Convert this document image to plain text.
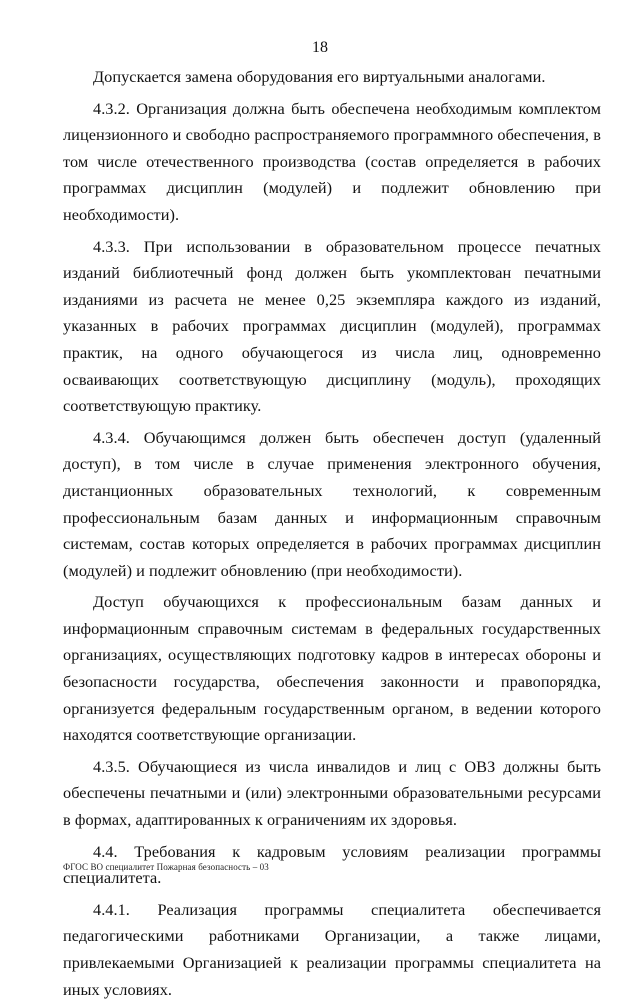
18

Допускается замена оборудования его виртуальными аналогами.

4.3.2. Организация должна быть обеспечена необходимым комплектом лицензионного и свободно распространяемого программного обеспечения, в том числе отечественного производства (состав определяется в рабочих программах дисциплин (модулей) и подлежит обновлению при необходимости).

4.3.3. При использовании в образовательном процессе печатных изданий библиотечный фонд должен быть укомплектован печатными изданиями из расчета не менее 0,25 экземпляра каждого из изданий, указанных в рабочих программах дисциплин (модулей), программах практик, на одного обучающегося из числа лиц, одновременно осваивающих соответствующую дисциплину (модуль), проходящих соответствующую практику.

4.3.4. Обучающимся должен быть обеспечен доступ (удаленный доступ), в том числе в случае применения электронного обучения, дистанционных образовательных технологий, к современным профессиональным базам данных и информационным справочным системам, состав которых определяется в рабочих программах дисциплин (модулей) и подлежит обновлению (при необходимости).

Доступ обучающихся к профессиональным базам данных и информационным справочным системам в федеральных государственных организациях, осуществляющих подготовку кадров в интересах обороны и безопасности государства, обеспечения законности и правопорядка, организуется федеральным государственным органом, в ведении которого находятся соответствующие организации.

4.3.5. Обучающиеся из числа инвалидов и лиц с ОВЗ должны быть обеспечены печатными и (или) электронными образовательными ресурсами в формах, адаптированных к ограничениям их здоровья.

4.4. Требования к кадровым условиям реализации программы специалитета.

4.4.1. Реализация программы специалитета обеспечивается педагогическими работниками Организации, а также лицами, привлекаемыми Организацией к реализации программы специалитета на иных условиях.

ФГОС ВО специалитет Пожарная безопасность – 03
